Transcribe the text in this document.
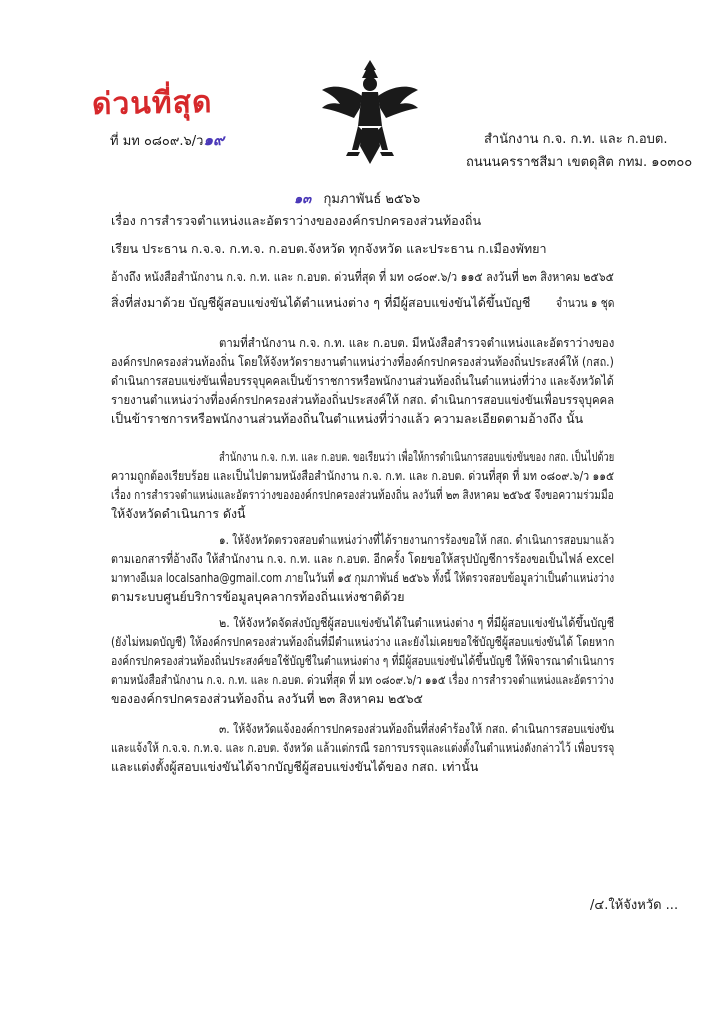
ด่วนที่สุด
ที่ มท ๐๘๐๙.๖/ว๑๙	สำนักงาน ก.จ. ก.ท. และ ก.อบต.
ถนนนครราชสีมา เขตดุสิต กทม. ๑๐๓๐๐
๑๓ กุมภาพันธ์ ๒๕๖๖
เรื่อง การสำรวจตำแหน่งและอัตราว่างขององค์กรปกครองส่วนท้องถิ่น
เรียน ประธาน ก.จ.จ. ก.ท.จ. ก.อบต.จังหวัด ทุกจังหวัด และประธาน ก.เมืองพัทยา
อ้างถึง หนังสือสำนักงาน ก.จ. ก.ท. และ ก.อบต. ด่วนที่สุด ที่ มท ๐๘๐๙.๖/ว ๑๑๕ ลงวันที่ ๒๓ สิงหาคม ๒๕๖๕
สิ่งที่ส่งมาด้วย บัญชีผู้สอบแข่งขันได้ตำแหน่งต่าง ๆ ที่มีผู้สอบแข่งขันได้ขึ้นบัญชี จำนวน ๑ ชุด
ตามที่สำนักงาน ก.จ. ก.ท. และ ก.อบต. มีหนังสือสำรวจตำแหน่งและอัตราว่างของ
องค์กรปกครองส่วนท้องถิ่น โดยให้จังหวัดรายงานตำแหน่งว่างที่องค์กรปกครองส่วนท้องถิ่นประสงค์ให้ (กสถ.)
ดำเนินการสอบแข่งขันเพื่อบรรจุบุคคลเป็นข้าราชการหรือพนักงานส่วนท้องถิ่นในตำแหน่งที่ว่าง และจังหวัดได้
รายงานตำแหน่งว่างที่องค์กรปกครองส่วนท้องถิ่นประสงค์ให้ กสถ. ดำเนินการสอบแข่งขันเพื่อบรรจุบุคคล
เป็นข้าราชการหรือพนักงานส่วนท้องถิ่นในตำแหน่งที่ว่างแล้ว ความละเอียดตามอ้างถึง นั้น
สำนักงาน ก.จ. ก.ท. และ ก.อบต. ขอเรียนว่า เพื่อให้การดำเนินการสอบแข่งขันของ กสถ. เป็นไปด้วย
ความถูกต้องเรียบร้อย และเป็นไปตามหนังสือสำนักงาน ก.จ. ก.ท. และ ก.อบต. ด่วนที่สุด ที่ มท ๐๘๐๙.๖/ว ๑๑๕
เรื่อง การสำรวจตำแหน่งและอัตราว่างขององค์กรปกครองส่วนท้องถิ่น ลงวันที่ ๒๓ สิงหาคม ๒๕๖๕ จึงขอความร่วมมือ
ให้จังหวัดดำเนินการ ดังนี้
๑. ให้จังหวัดตรวจสอบตำแหน่งว่างที่ได้รายงานการร้องขอให้ กสถ. ดำเนินการสอบมาแล้ว
ตามเอกสารที่อ้างถึง ให้สำนักงาน ก.จ. ก.ท. และ ก.อบต. อีกครั้ง โดยขอให้สรุปบัญชีการร้องขอเป็นไฟล์ excel
มาทางอีเมล localsanha@gmail.com ภายในวันที่ ๑๕ กุมภาพันธ์ ๒๕๖๖ ทั้งนี้ ให้ตรวจสอบข้อมูลว่าเป็นตำแหน่งว่าง
ตามระบบศูนย์บริการข้อมูลบุคลากรท้องถิ่นแห่งชาติด้วย
๒. ให้จังหวัดจัดส่งบัญชีผู้สอบแข่งขันได้ในตำแหน่งต่าง ๆ ที่มีผู้สอบแข่งขันได้ขึ้นบัญชี
(ยังไม่หมดบัญชี) ให้องค์กรปกครองส่วนท้องถิ่นที่มีตำแหน่งว่าง และยังไม่เคยขอใช้บัญชีผู้สอบแข่งขันได้ โดยหาก
องค์กรปกครองส่วนท้องถิ่นประสงค์ขอใช้บัญชีในตำแหน่งต่าง ๆ ที่มีผู้สอบแข่งขันได้ขึ้นบัญชี ให้พิจารณาดำเนินการ
ตามหนังสือสำนักงาน ก.จ. ก.ท. และ ก.อบต. ด่วนที่สุด ที่ มท ๐๘๐๙.๖/ว ๑๑๕ เรื่อง การสำรวจตำแหน่งและอัตราว่าง
ขององค์กรปกครองส่วนท้องถิ่น ลงวันที่ ๒๓ สิงหาคม ๒๕๖๕
๓. ให้จังหวัดแจ้งองค์การปกครองส่วนท้องถิ่นที่ส่งคำร้องให้ กสถ. ดำเนินการสอบแข่งขัน
และแจ้งให้ ก.จ.จ. ก.ท.จ. และ ก.อบต. จังหวัด แล้วแต่กรณี รอการบรรจุและแต่งตั้งในตำแหน่งดังกล่าวไว้ เพื่อบรรจุ
และแต่งตั้งผู้สอบแข่งขันได้จากบัญชีผู้สอบแข่งขันได้ของ กสถ. เท่านั้น
/๔.ให้จังหวัด ...
